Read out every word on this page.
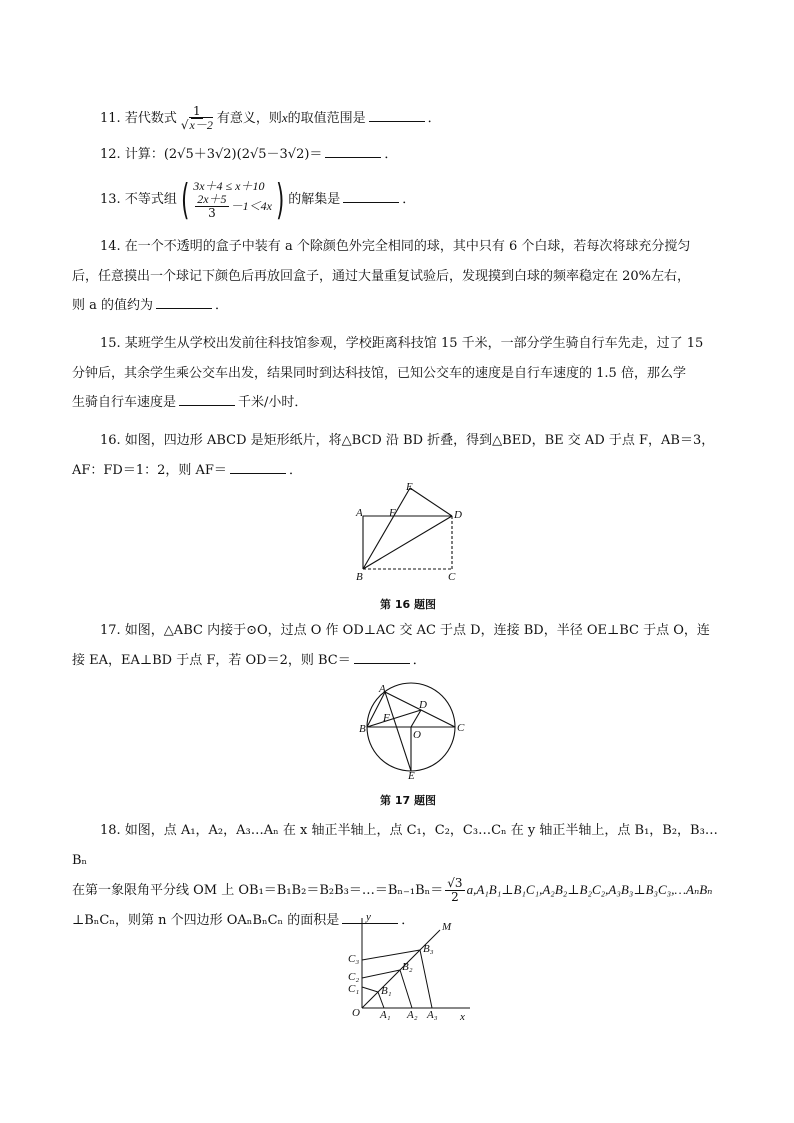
11. 若代数式 $\frac{1}{√x-2}$ 有意义，则x的取值范围是	．
12. 计算：(2√5＋3√2)(2√5－3√2)＝	．
13. 不等式组 ( 3x＋4 ≤ x＋10
$\frac{2x+5}{3} -1<4x$ ) 的解集是	．
14. 在一个不透明的盒子中装有 a 个除颜色外完全相同的球，其中只有 6 个白球，若每次将球充分搅匀
后，任意摸出一个球记下颜色后再放回盒子，通过大量重复试验后，发现摸到白球的频率稳定在 20%左右，
则 a 的值约为	．
15. 某班学生从学校出发前往科技馆参观，学校距离科技馆 15 千米，一部分学生骑自行车先走，过了 15
分钟后，其余学生乘公交车出发，结果同时到达科技馆，已知公交车的速度是自行车速度的 1.5 倍，那么学
生骑自行车速度是	千米/小时．
16. 如图，四边形 ABCD 是矩形纸片，将△BCD 沿 BD 折叠，得到△BED，BE 交 AD 于点 F，AB＝3，
AF：FD＝1：2，则 AF＝	．
A
B	C
D
E
F
第 16 题图
17. 如图，△ABC 内接于⊙O，过点 O 作 OD⊥AC 交 AC 于点 D，连接 BD，半径 OE⊥BC 于点 O，连
接 EA，EA⊥BD 于点 F，若 OD＝2，则 BC＝	．
A
B	C
D
E
F
O
第 17 题图
18. 如图，点 A₁，A₂，A₃…Aₙ 在 x 轴正半轴上，点 C₁，C₂，C₃…Cₙ 在 y 轴正半轴上，点 B₁，B₂，B₃…Bₙ
在第一象限角平分线 OM 上 OB₁＝B₁B₂＝B₂B₃＝…＝Bₙ₋₁Bₙ＝ $\frac{√3}{2}$ a,A₁B₁⊥B₁C₁,A₂B₂⊥B₂C₂,A₃B₃⊥B₃C₃,…AₙBₙ
⊥BₙCₙ，则第 n 个四边形 OAₙBₙCₙ 的面积是	．
y
x
M
O
C₃
C₂
C₁
A₁ A₂ A₃
B₁
B₂
B₃
